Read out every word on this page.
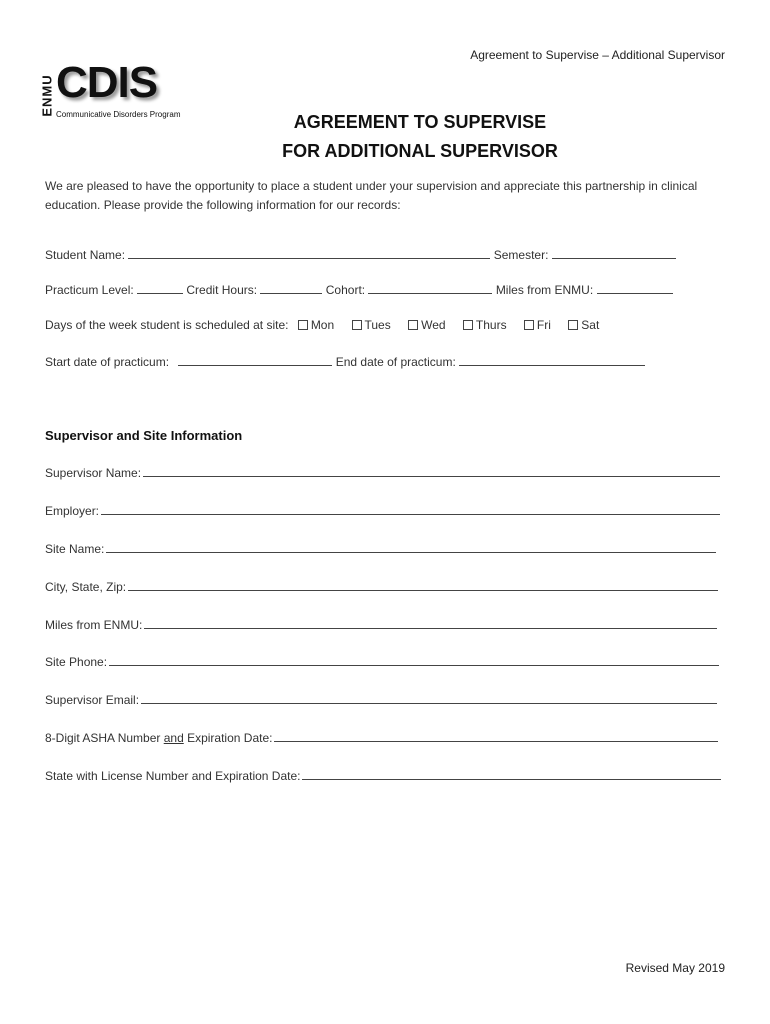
Agreement to Supervise – Additional Supervisor
ENMU CDIS
Communicative Disorders Program	AGREEMENT TO SUPERVISE
FOR ADDITIONAL SUPERVISOR
We are pleased to have the opportunity to place a student under your supervision and appreciate this partnership in clinical education. Please provide the following information for our records:
Student Name:	Semester:
Practicum Level:	Credit Hours:	Cohort:	Miles from ENMU:
Days of the week student is scheduled at site: Mon	Tues	Wed	Thurs	Fri	Sat
Start date of practicum:	End date of practicum:
Supervisor and Site Information
Supervisor Name:
Employer:
Site Name:
City, State, Zip:
Miles from ENMU:
Site Phone:
Supervisor Email:
8-Digit ASHA Number and Expiration Date:
State with License Number and Expiration Date:
Revised May 2019
